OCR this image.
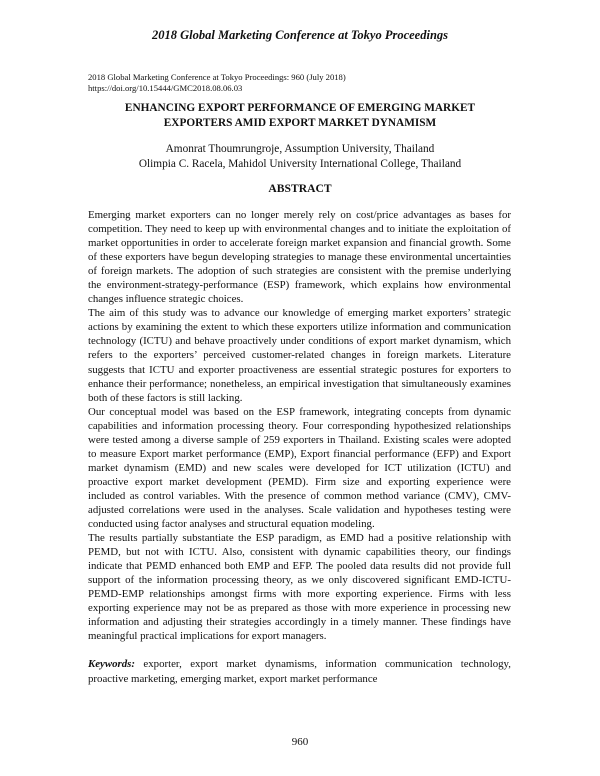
2018 Global Marketing Conference at Tokyo Proceedings
2018 Global Marketing Conference at Tokyo Proceedings: 960 (July 2018)
https://doi.org/10.15444/GMC2018.08.06.03
ENHANCING EXPORT PERFORMANCE OF EMERGING MARKET
EXPORTERS AMID EXPORT MARKET DYNAMISM
Amonrat Thoumrungroje, Assumption University, Thailand
Olimpia C. Racela, Mahidol University International College, Thailand
ABSTRACT

Emerging market exporters can no longer merely rely on cost/price advantages as bases for competition. They need to keep up with environmental changes and to initiate the exploitation of market opportunities in order to accelerate foreign market expansion and financial growth. Some of these exporters have begun developing strategies to manage these environmental uncertainties of foreign markets. The adoption of such strategies are consistent with the premise underlying the environment-strategy-performance (ESP) framework, which explains how environmental changes influence strategic choices.

The aim of this study was to advance our knowledge of emerging market exporters’ strategic actions by examining the extent to which these exporters utilize information and communication technology (ICTU) and behave proactively under conditions of export market dynamism, which refers to the exporters’ perceived customer-related changes in foreign markets. Literature suggests that ICTU and exporter proactiveness are essential strategic postures for exporters to enhance their performance; nonetheless, an empirical investigation that simultaneously examines both of these factors is still lacking.

Our conceptual model was based on the ESP framework, integrating concepts from dynamic capabilities and information processing theory. Four corresponding hypothesized relationships were tested among a diverse sample of 259 exporters in Thailand. Existing scales were adopted to measure Export market performance (EMP), Export financial performance (EFP) and Export market dynamism (EMD) and new scales were developed for ICT utilization (ICTU) and proactive export market development (PEMD). Firm size and exporting experience were included as control variables. With the presence of common method variance (CMV), CMV-adjusted correlations were used in the analyses. Scale validation and hypotheses testing were conducted using factor analyses and structural equation modeling.

The results partially substantiate the ESP paradigm, as EMD had a positive relationship with PEMD, but not with ICTU. Also, consistent with dynamic capabilities theory, our findings indicate that PEMD enhanced both EMP and EFP. The pooled data results did not provide full support of the information processing theory, as we only discovered significant EMD-ICTU-PEMD-EMP relationships amongst firms with more exporting experience. Firms with less exporting experience may not be as prepared as those with more experience in processing new information and adjusting their strategies accordingly in a timely manner. These findings have meaningful practical implications for export managers.

Keywords: exporter, export market dynamisms, information communication technology, proactive marketing, emerging market, export market performance

960
